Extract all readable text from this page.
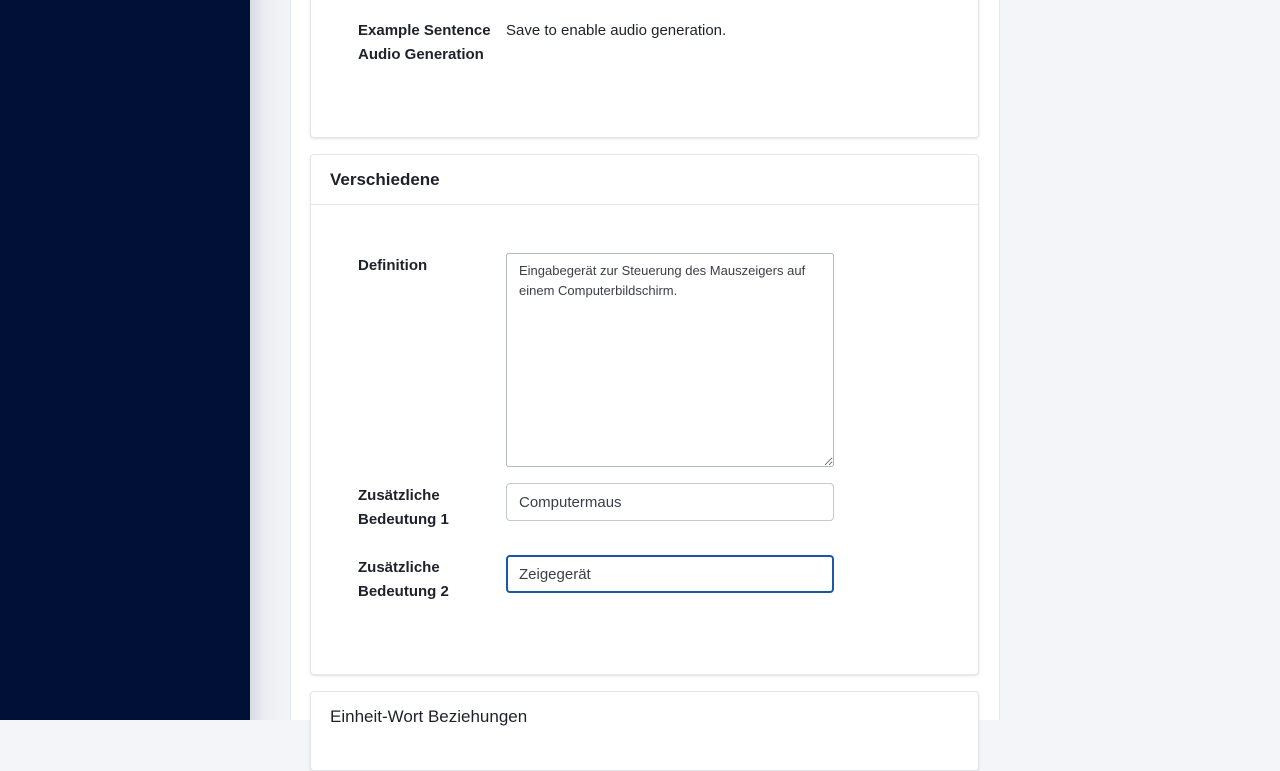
Example Sentence Audio Generation
Save to enable audio generation.
Verschiedene
Definition
Eingabegerät zur Steuerung des Mauszeigers auf einem Computerbildschirm.
Zusätzliche Bedeutung 1
Computermaus
Zusätzliche Bedeutung 2
Zeigegerät
Einheit-Wort Beziehungen
